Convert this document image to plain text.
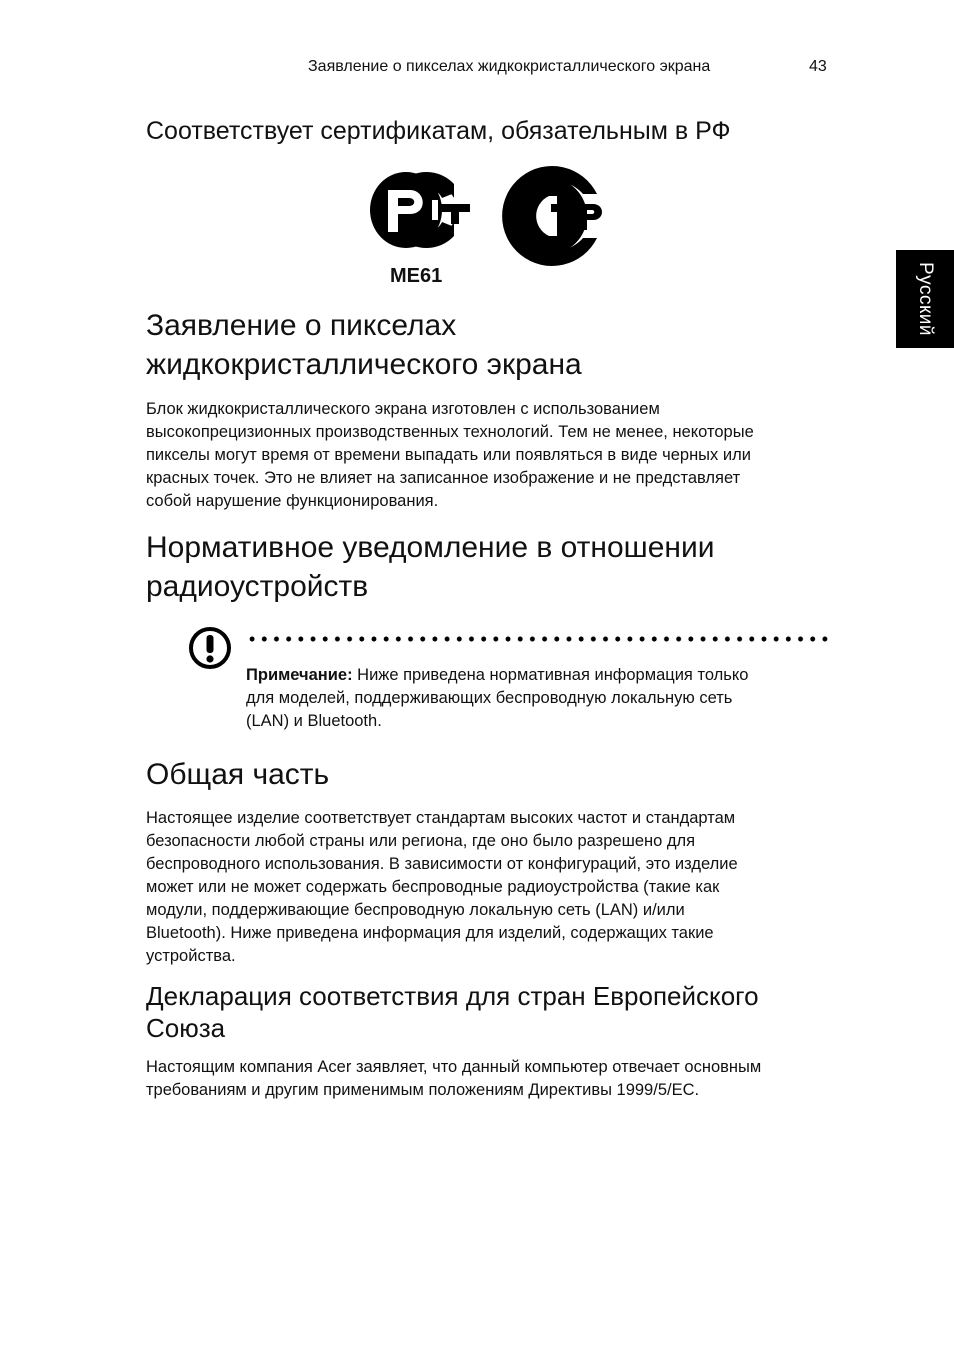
Заявление о пикселах жидкокристаллического экрана	43
Русский
Соответствует сертификатам, обязательным в РФ
РСТ	ТР
ME61
Заявление о пикселах
жидкокристаллического экрана

Блок жидкокристаллического экрана изготовлен с использованием
высокопрецизионных производственных технологий. Тем не менее, некоторые
пикселы могут время от времени выпадать или появляться в виде черных или
красных точек. Это не влияет на записанное изображение и не представляет
собой нарушение функционирования.

Нормативное уведомление в отношении
радиоустройств
Примечание: Ниже приведена нормативная информация только
для моделей, поддерживающих беспроводную локальную сеть
(LAN) и Bluetooth.
Общая часть

Настоящее изделие соответствует стандартам высоких частот и стандартам
безопасности любой страны или региона, где оно было разрешено для
беспроводного использования. В зависимости от конфигураций, это изделие
может или не может содержать беспроводные радиоустройства (такие как
модули, поддерживающие беспроводную локальную сеть (LAN) и/или
Bluetooth). Ниже приведена информация для изделий, содержащих такие
устройства.

Декларация соответствия для стран Европейского
Союза

Настоящим компания Acer заявляет, что данный компьютер отвечает основным
требованиям и другим применимым положениям Директивы 1999/5/EC.
